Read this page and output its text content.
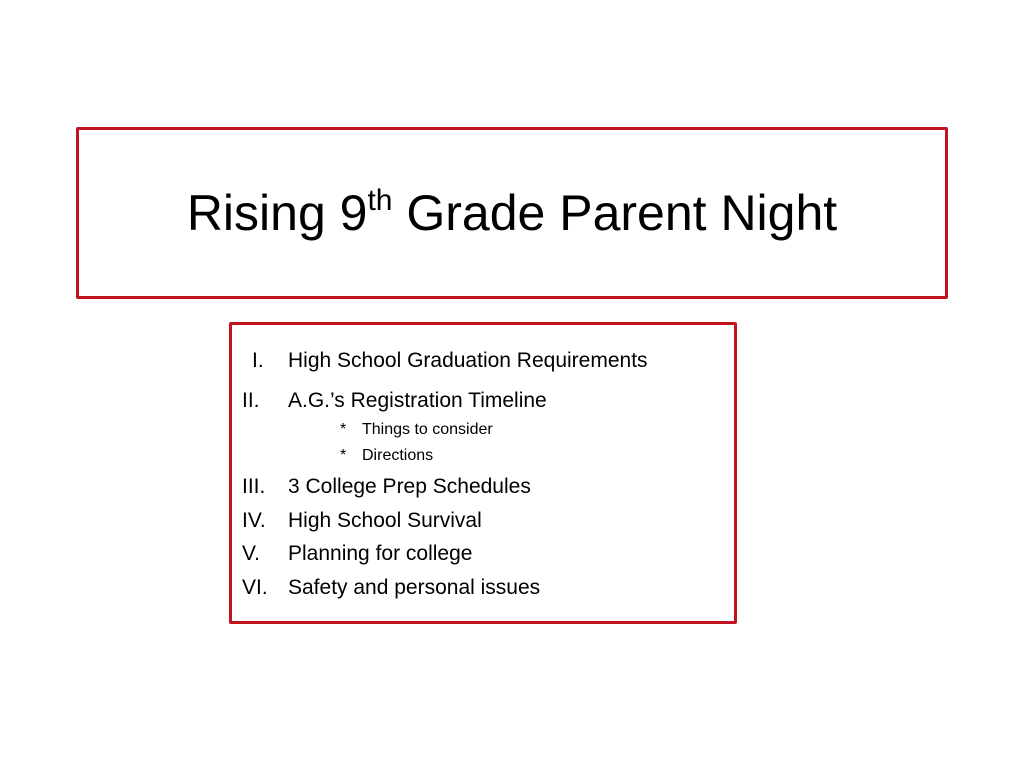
Rising 9th Grade Parent Night
I. High School Graduation Requirements
II. A.G.’s Registration Timeline
* Things to consider
* Directions
III. 3 College Prep Schedules
IV. High School Survival
V. Planning for college
VI. Safety and personal issues
